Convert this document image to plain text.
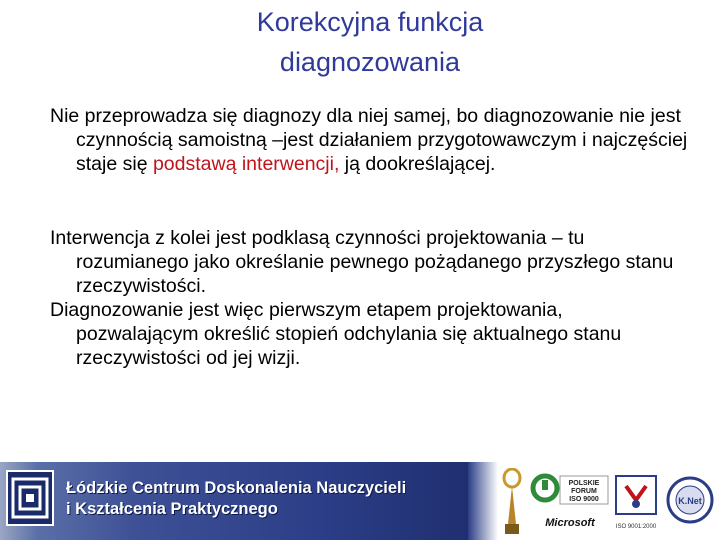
Korekcyjna funkcja
diagnozowania

Nie przeprowadza się diagnozy dla niej samej, bo diagnozowanie nie jest czynnością samoistną –jest działaniem przygotowawczym i najczęściej staje się podstawą interwencji, ją dookreślającej.

Interwencja z kolei jest podklasą czynności projektowania – tu rozumianego jako określanie pewnego pożądanego przyszłego stanu rzeczywistości.

Diagnozowanie jest więc pierwszym etapem projektowania, pozwalającym określić stopień odchylania się aktualnego stanu rzeczywistości od jej wizji.

Łódzkie Centrum Doskonalenia Nauczycieli
i Kształcenia Praktycznego
POLSKIE
FORUM
ISO 9000
Microsoft	ISO 9001:2000
K.Net
